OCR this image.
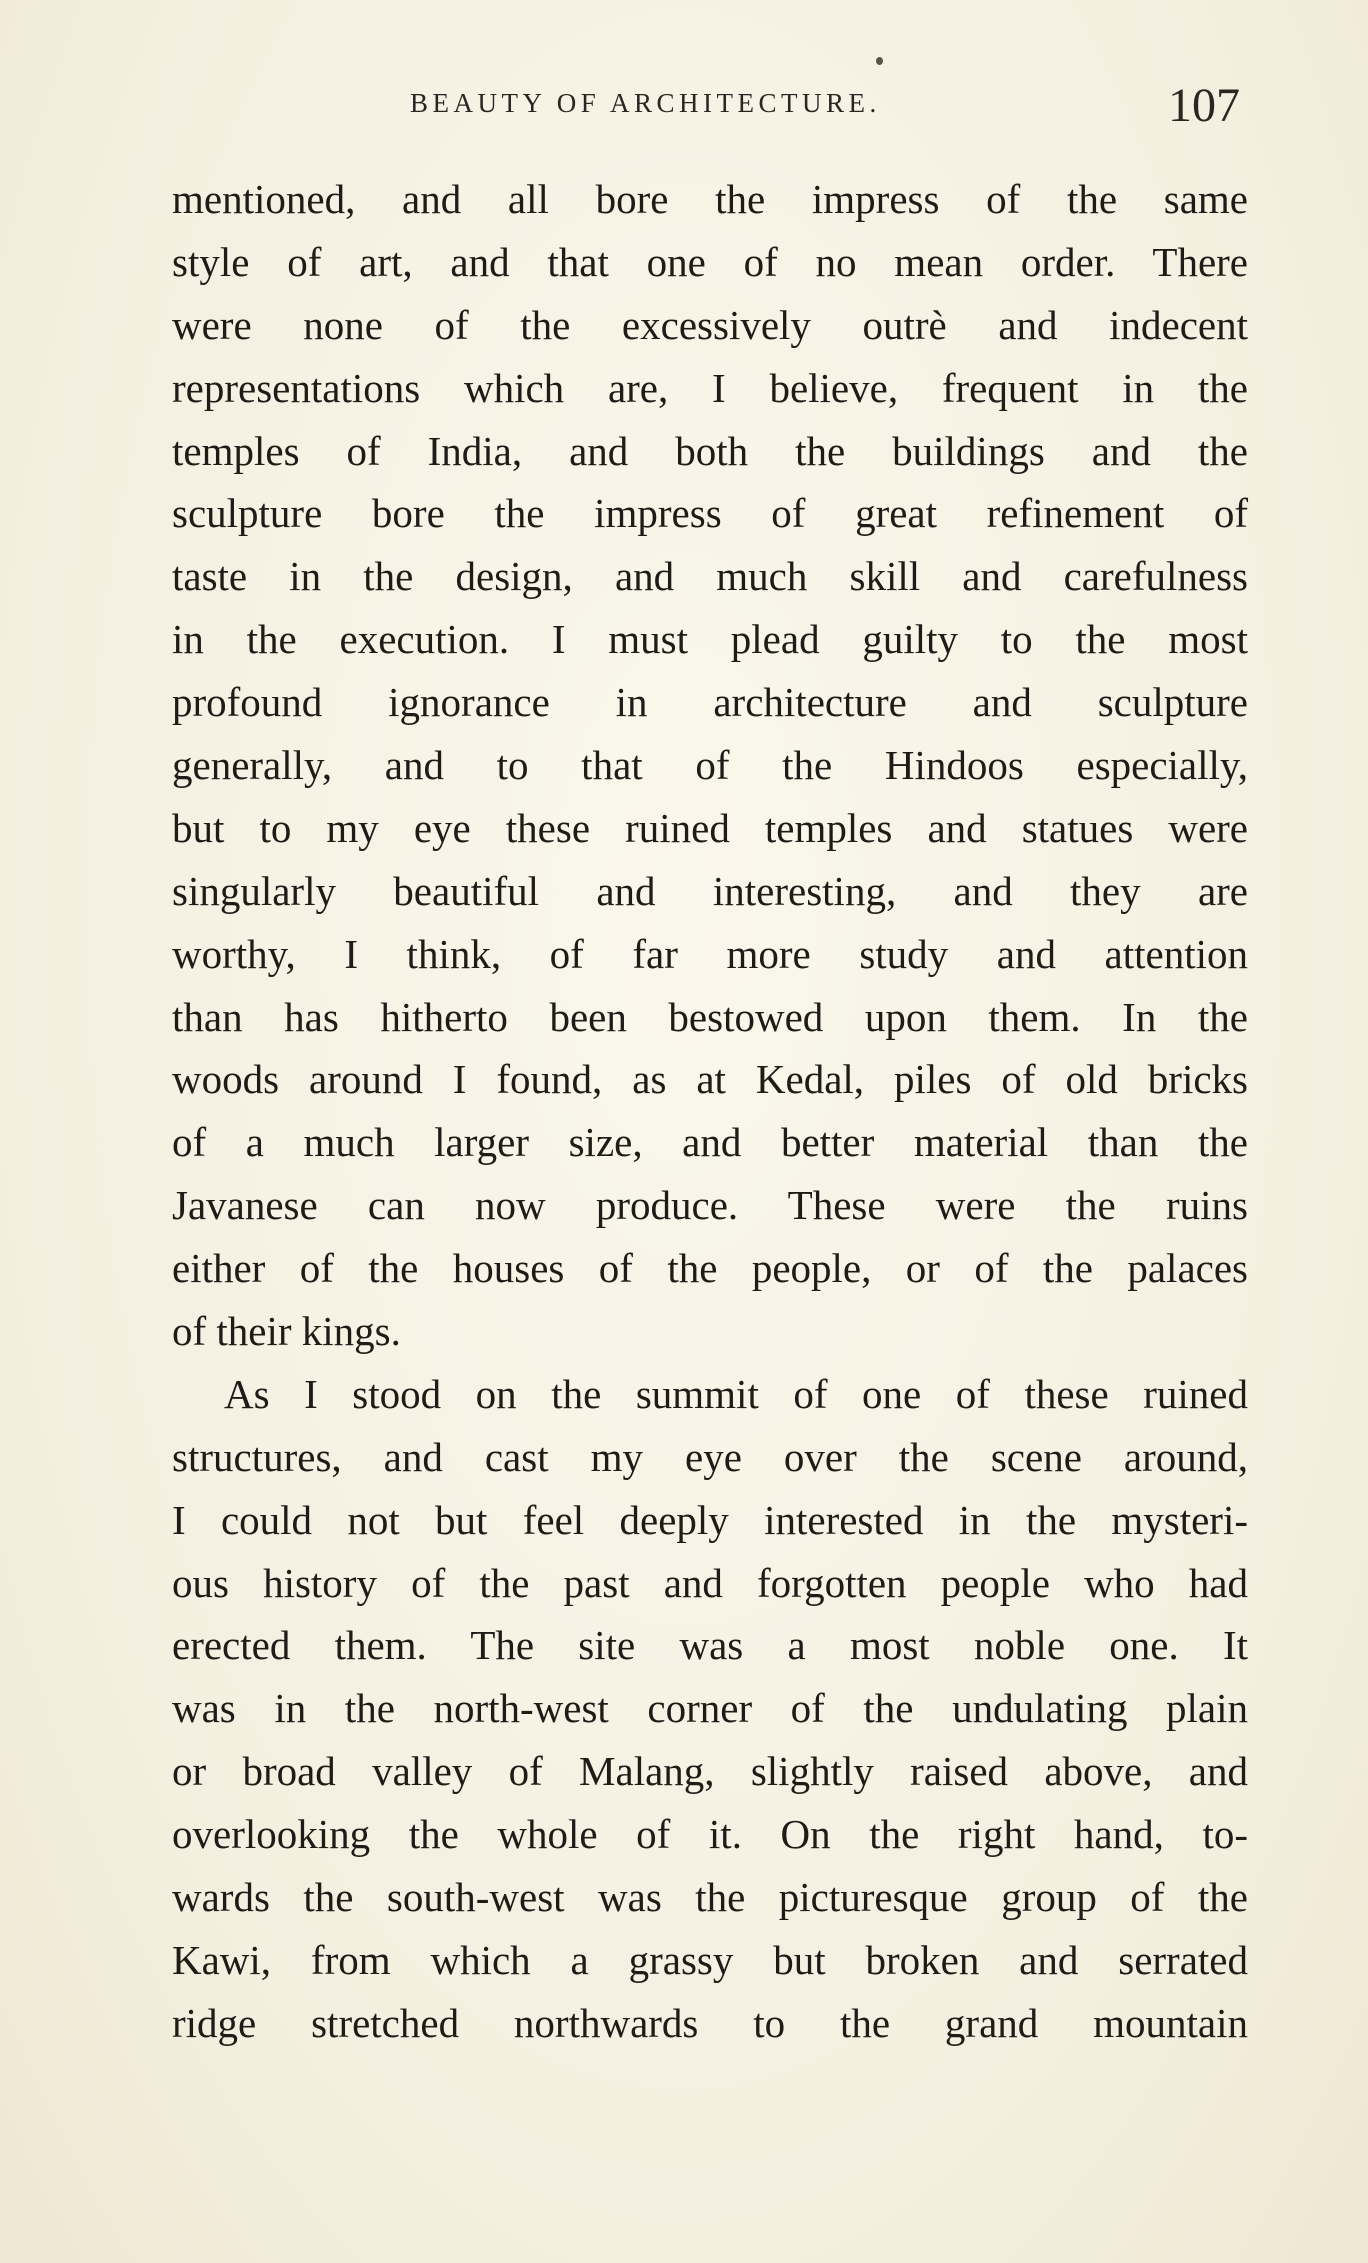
BEAUTY OF ARCHITECTURE.	107
mentioned, and all bore the impress of the same
style of art, and that one of no mean order. There
were none of the excessively outrè and indecent
representations which are, I believe, frequent in the
temples of India, and both the buildings and the
sculpture bore the impress of great refinement of
taste in the design, and much skill and carefulness
in the execution. I must plead guilty to the most
profound ignorance in architecture and sculpture
generally, and to that of the Hindoos especially,
but to my eye these ruined temples and statues were
singularly beautiful and interesting, and they are
worthy, I think, of far more study and attention
than has hitherto been bestowed upon them. In the
woods around I found, as at Kedal, piles of old bricks
of a much larger size, and better material than the
Javanese can now produce. These were the ruins
either of the houses of the people, or of the palaces
of their kings.
As I stood on the summit of one of these ruined
structures, and cast my eye over the scene around,
I could not but feel deeply interested in the mysteri-
ous history of the past and forgotten people who had
erected them. The site was a most noble one. It
was in the north-west corner of the undulating plain
or broad valley of Malang, slightly raised above, and
overlooking the whole of it. On the right hand, to-
wards the south-west was the picturesque group of the
Kawi, from which a grassy but broken and serrated
ridge stretched northwards to the grand mountain
